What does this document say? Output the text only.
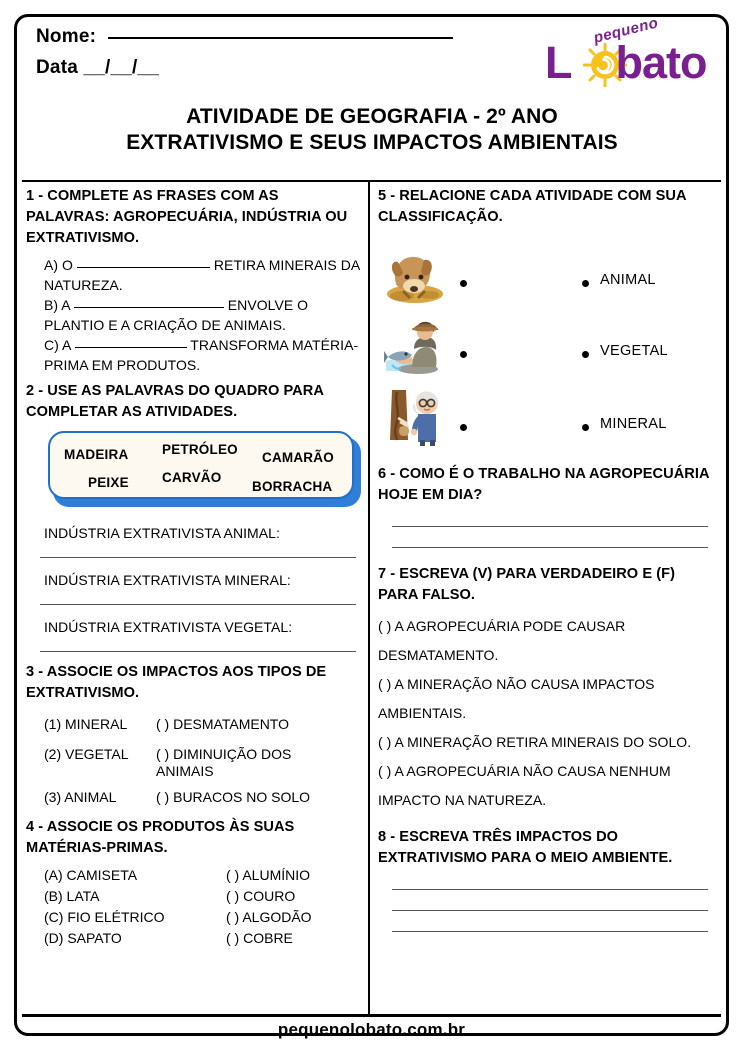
Nome:
Data __/__/__
pequeno
L bato
ATIVIDADE DE GEOGRAFIA - 2º ANO
EXTRATIVISMO E SEUS IMPACTOS AMBIENTAIS
1 - COMPLETE AS FRASES COM AS PALAVRAS: AGROPECUÁRIA, INDÚSTRIA OU EXTRATIVISMO.
A) O	RETIRA MINERAIS DA NATUREZA.
B) A	ENVOLVE O PLANTIO E A CRIAÇÃO DE ANIMAIS.
C) A	TRANSFORMA MATÉRIA-PRIMA EM PRODUTOS.
2 - USE AS PALAVRAS DO QUADRO PARA COMPLETAR AS ATIVIDADES.
MADEIRA PETRÓLEO
CAMARÃO
PEIXE CARVÃO
BORRACHA
INDÚSTRIA EXTRATIVISTA ANIMAL:
INDÚSTRIA EXTRATIVISTA MINERAL:
INDÚSTRIA EXTRATIVISTA VEGETAL:
3 - ASSOCIE OS IMPACTOS AOS TIPOS DE EXTRATIVISMO.
(1) MINERAL	( ) DESMATAMENTO
(2) VEGETAL	( ) DIMINUIÇÃO DOS
ANIMAIS
(3) ANIMAL	( ) BURACOS NO SOLO
4 - ASSOCIE OS PRODUTOS ÀS SUAS MATÉRIAS-PRIMAS.
(A) CAMISETA	( ) ALUMÍNIO
(B) LATA	( ) COURO
(C) FIO ELÉTRICO	( ) ALGODÃO
(D) SAPATO	( ) COBRE
5 - RELACIONE CADA ATIVIDADE COM SUA CLASSIFICAÇÃO.
ANIMAL
VEGETAL
MINERAL
6 - COMO É O TRABALHO NA AGROPECUÁRIA HOJE EM DIA?
7 - ESCREVA (V) PARA VERDADEIRO E (F) PARA FALSO.
( ) A AGROPECUÁRIA PODE CAUSAR DESMATAMENTO.
( ) A MINERAÇÃO NÃO CAUSA IMPACTOS AMBIENTAIS.
( ) A MINERAÇÃO RETIRA MINERAIS DO SOLO.
( ) A AGROPECUÁRIA NÃO CAUSA NENHUM IMPACTO NA NATUREZA.
8 - ESCREVA TRÊS IMPACTOS DO EXTRATIVISMO PARA O MEIO AMBIENTE.
pequenolobato.com.br
